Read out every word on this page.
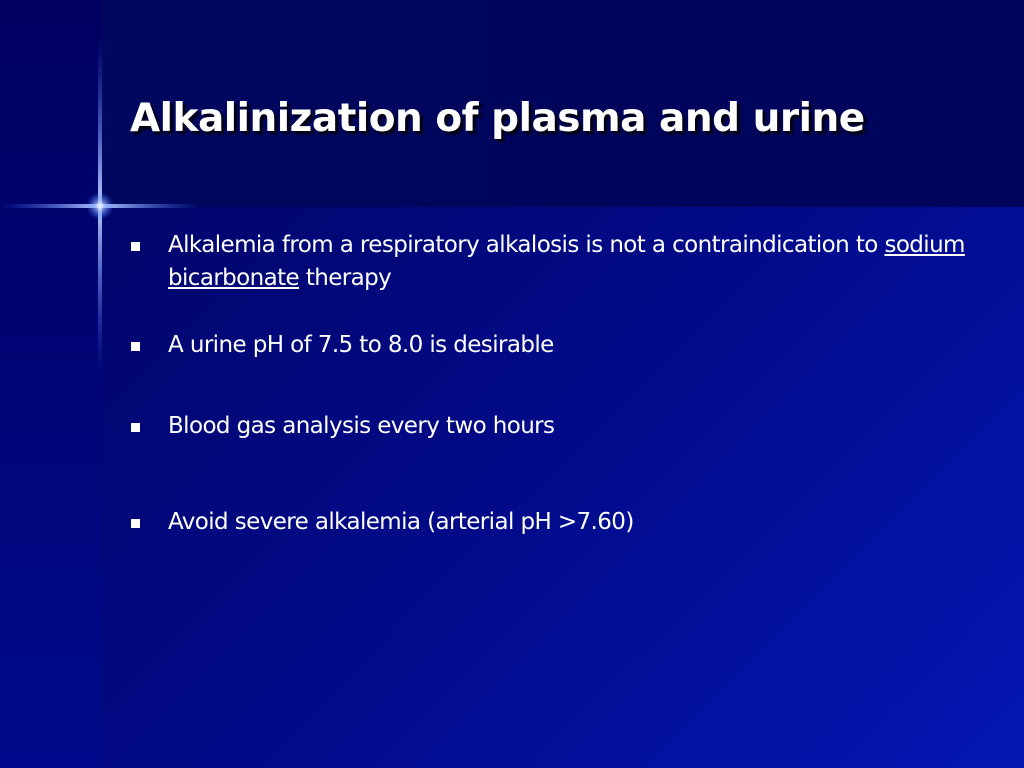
Alkalinization of plasma and urine
Alkalemia from a respiratory alkalosis is not a contraindication to sodium bicarbonate therapy
A urine pH of 7.5 to 8.0 is desirable
Blood gas analysis every two hours
Avoid severe alkalemia (arterial pH >7.60)
